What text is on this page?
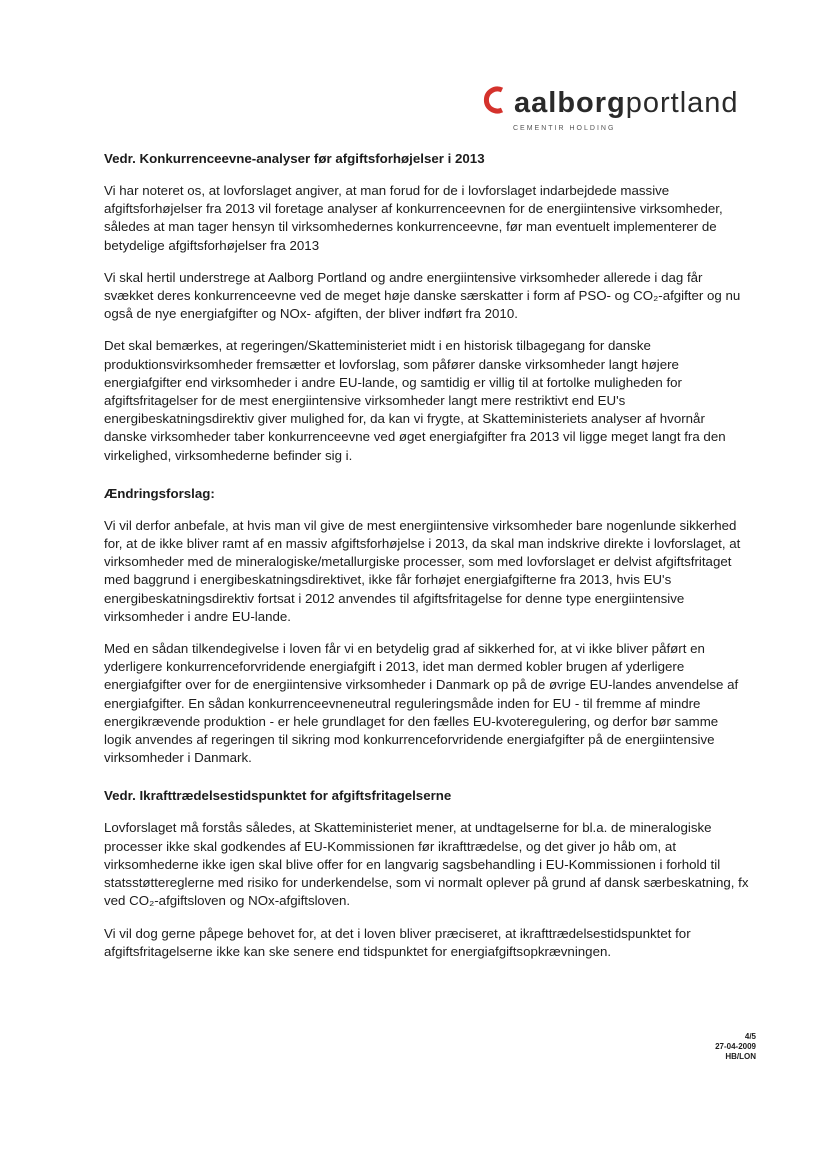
aalborgportland
CEMENTIR HOLDING
Vedr. Konkurrenceevne-analyser før afgiftsforhøjelser i 2013

Vi har noteret os, at lovforslaget angiver, at man forud for de i lovforslaget indarbejdede massive afgiftsforhøjelser fra 2013 vil foretage analyser af konkurrenceevnen for de energiintensive virksomheder, således at man tager hensyn til virksomhedernes konkurrenceevne, før man eventuelt implementerer de betydelige afgiftsforhøjelser fra 2013

Vi skal hertil understrege at Aalborg Portland og andre energiintensive virksomheder allerede i dag får svækket deres konkurrenceevne ved de meget høje danske særskatter i form af PSO- og CO₂-afgifter og nu også de nye energiafgifter og NOx- afgiften, der bliver indført fra 2010.

Det skal bemærkes, at regeringen/Skatteministeriet midt i en historisk tilbagegang for danske produktionsvirksomheder fremsætter et lovforslag, som påfører danske virksomheder langt højere energiafgifter end virksomheder i andre EU-lande, og samtidig er villig til at fortolke muligheden for afgiftsfritagelser for de mest energiintensive virksomheder langt mere restriktivt end EU's energibeskatningsdirektiv giver mulighed for, da kan vi frygte, at Skatteministeriets analyser af hvornår danske virksomheder taber konkurrenceevne ved øget energiafgifter fra 2013 vil ligge meget langt fra den virkelighed, virksomhederne befinder sig i.

Ændringsforslag:

Vi vil derfor anbefale, at hvis man vil give de mest energiintensive virksomheder bare nogenlunde sikkerhed for, at de ikke bliver ramt af en massiv afgiftsforhøjelse i 2013, da skal man indskrive direkte i lovforslaget, at virksomheder med de mineralogiske/metallurgiske processer, som med lovforslaget er delvist afgiftsfritaget med baggrund i energibeskatningsdirektivet, ikke får forhøjet energiafgifterne fra 2013, hvis EU's energibeskatningsdirektiv fortsat i 2012 anvendes til afgiftsfritagelse for denne type energiintensive virksomheder i andre EU-lande.

Med en sådan tilkendegivelse i loven får vi en betydelig grad af sikkerhed for, at vi ikke bliver påført en yderligere konkurrenceforvridende energiafgift i 2013, idet man dermed kobler brugen af yderligere energiafgifter over for de energiintensive virksomheder i Danmark op på de øvrige EU-landes anvendelse af energiafgifter. En sådan konkurrenceevneneutral reguleringsmåde inden for EU - til fremme af mindre energikrævende produktion - er hele grundlaget for den fælles EU-kvoteregulering, og derfor bør samme logik anvendes af regeringen til sikring mod konkurrenceforvridende energiafgifter på de energiintensive virksomheder i Danmark.

Vedr. Ikrafttrædelsestidspunktet for afgiftsfritagelserne

Lovforslaget må forstås således, at Skatteministeriet mener, at undtagelserne for bl.a. de mineralogiske processer ikke skal godkendes af EU-Kommissionen før ikrafttrædelse, og det giver jo håb om, at virksomhederne ikke igen skal blive offer for en langvarig sagsbehandling i EU-Kommissionen i forhold til statsstøttereglerne med risiko for underkendelse, som vi normalt oplever på grund af dansk særbeskatning, fx ved CO₂-afgiftsloven og NOx-afgiftsloven.

Vi vil dog gerne påpege behovet for, at det i loven bliver præciseret, at ikrafttrædelsestidspunktet for afgiftsfritagelserne ikke kan ske senere end tidspunktet for energiafgiftsopkrævningen.

4/5
27-04-2009
HB/LON
